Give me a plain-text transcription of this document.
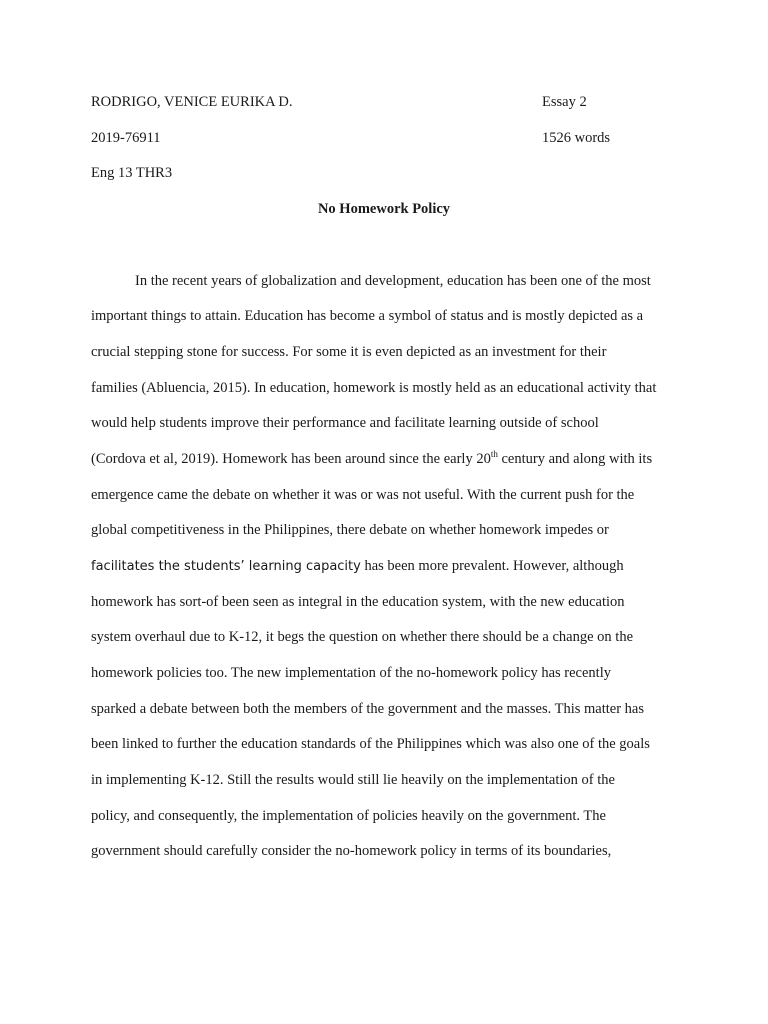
RODRIGO, VENICE EURIKA D.	Essay 2
2019-76911	1526 words
Eng 13 THR3
No Homework Policy
In the recent years of globalization and development, education has been one of the most
important things to attain. Education has become a symbol of status and is mostly depicted as a
crucial stepping stone for success. For some it is even depicted as an investment for their
families (Abluencia, 2015). In education, homework is mostly held as an educational activity that
would help students improve their performance and facilitate learning outside of school
(Cordova et al, 2019). Homework has been around since the early 20th century and along with its
emergence came the debate on whether it was or was not useful. With the current push for the
global competitiveness in the Philippines, there debate on whether homework impedes or
facilitates the students’ learning capacity has been more prevalent. However, although
homework has sort-of been seen as integral in the education system, with the new education
system overhaul due to K-12, it begs the question on whether there should be a change on the
homework policies too. The new implementation of the no-homework policy has recently
sparked a debate between both the members of the government and the masses. This matter has
been linked to further the education standards of the Philippines which was also one of the goals
in implementing K-12. Still the results would still lie heavily on the implementation of the
policy, and consequently, the implementation of policies heavily on the government. The
government should carefully consider the no-homework policy in terms of its boundaries,
